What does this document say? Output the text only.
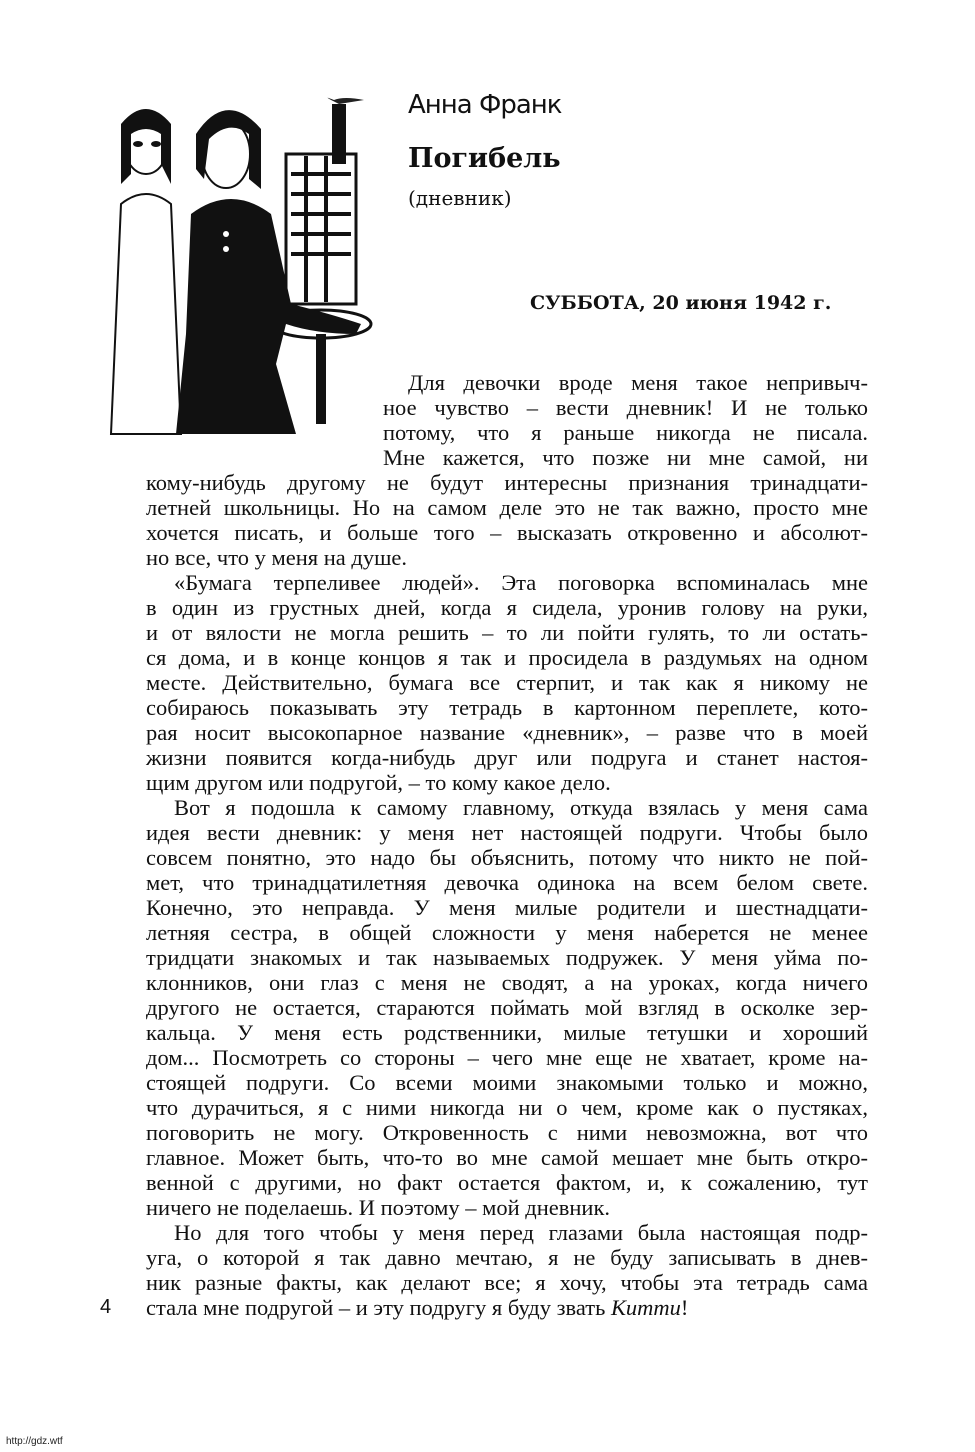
Анна Франк
Погибель
(дневник)
СУББОТА, 20 июня 1942 г.
Для девочки вроде меня такое непривыч-
ное чувство – вести дневник! И не только
потому, что я раньше никогда не писала.
Мне кажется, что позже ни мне самой, ни
кому-нибудь другому не будут интересны признания тринадцати-
летней школьницы. Но на самом деле это не так важно, просто мне
хочется писать, и больше того – высказать откровенно и абсолют-
но все, что у меня на душе.
«Бумага терпеливее людей». Эта поговорка вспоминалась мне
в один из грустных дней, когда я сидела, уронив голову на руки,
и от вялости не могла решить – то ли пойти гулять, то ли остать-
ся дома, и в конце концов я так и просидела в раздумьях на одном
месте. Действительно, бумага все стерпит, и так как я никому не
собираюсь показывать эту тетрадь в картонном переплете, кото-
рая носит высокопарное название «дневник», – разве что в моей
жизни появится когда-нибудь друг или подруга и станет настоя-
щим другом или подругой, – то кому какое дело.
Вот я подошла к самому главному, откуда взялась у меня сама
идея вести дневник: у меня нет настоящей подруги. Чтобы было
совсем понятно, это надо бы объяснить, потому что никто не пой-
мет, что тринадцатилетняя девочка одинока на всем белом свете.
Конечно, это неправда. У меня милые родители и шестнадцати-
летняя сестра, в общей сложности у меня наберется не менее
тридцати знакомых и так называемых подружек. У меня уйма по-
клонников, они глаз с меня не сводят, а на уроках, когда ничего
другого не остается, стараются поймать мой взгляд в осколке зер-
кальца. У меня есть родственники, милые тетушки и хороший
дом... Посмотреть со стороны – чего мне еще не хватает, кроме на-
стоящей подруги. Со всеми моими знакомыми только и можно,
что дурачиться, я с ними никогда ни о чем, кроме как о пустяках,
поговорить не могу. Откровенность с ними невозможна, вот что
главное. Может быть, что-то во мне самой мешает мне быть откро-
венной с другими, но факт остается фактом, и, к сожалению, тут
ничего не поделаешь. И поэтому – мой дневник.
Но для того чтобы у меня перед глазами была настоящая подр-
уга, о которой я так давно мечтаю, я не буду записывать в днев-
ник разные факты, как делают все; я хочу, чтобы эта тетрадь сама
стала мне подругой – и эту подругу я буду звать Китти!
4
http://gdz.wtf
